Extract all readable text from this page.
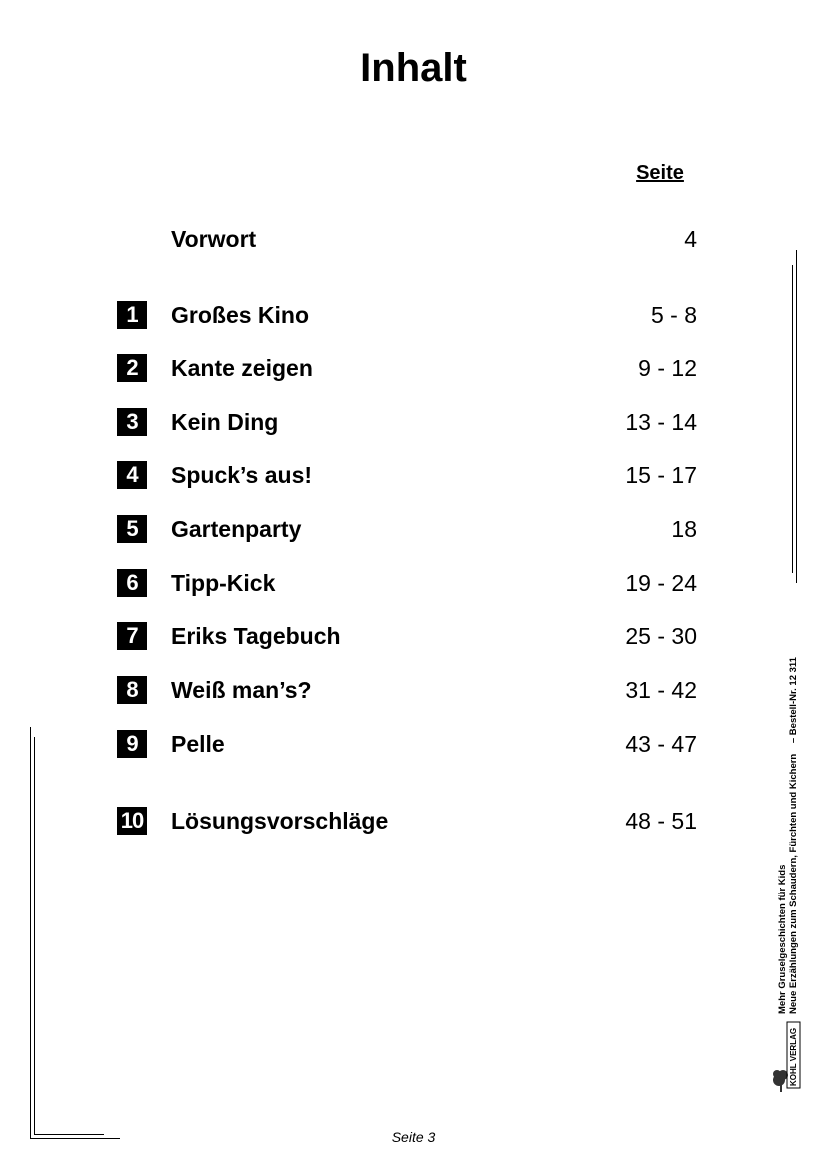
Inhalt
Seite
Vorwort	4
1	Großes Kino	5 - 8
2	Kante zeigen	9 - 12
3	Kein Ding	13 - 14
4	Spuck’s aus!	15 - 17
5	Gartenparty	18
6	Tipp-Kick	19 - 24
7	Eriks Tagebuch	25 - 30
8	Weiß man’s?	31 - 42
9	Pelle	43 - 47
10 Lösungsvorschläge	48 - 51
Mehr Gruselgeschichten für Kids Neue Erzählungen zum Schaudern, Fürchten und Kichern – Bestell-Nr. 12 311
KOHL VERLAG
Seite 3
